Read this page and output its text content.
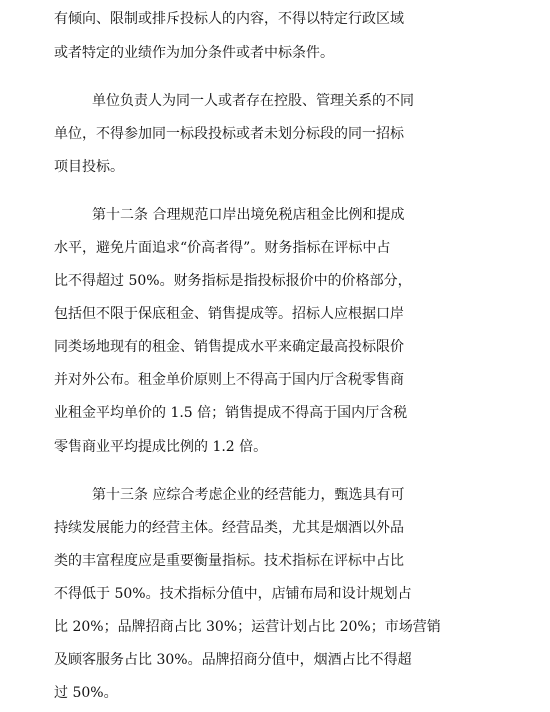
有倾向、限制或排斥投标人的内容，不得以特定行政区域
或者特定的业绩作为加分条件或者中标条件。
单位负责人为同一人或者存在控股、管理关系的不同
单位，不得参加同一标段投标或者未划分标段的同一招标
项目投标。
第十二条 合理规范口岸出境免税店租金比例和提成
水平，避免片面追求“价高者得”。财务指标在评标中占
比不得超过 50%。财务指标是指投标报价中的价格部分，
包括但不限于保底租金、销售提成等。招标人应根据口岸
同类场地现有的租金、销售提成水平来确定最高投标限价
并对外公布。租金单价原则上不得高于国内厅含税零售商
业租金平均单价的 1.5 倍；销售提成不得高于国内厅含税
零售商业平均提成比例的 1.2 倍。
第十三条 应综合考虑企业的经营能力，甄选具有可
持续发展能力的经营主体。经营品类，尤其是烟酒以外品
类的丰富程度应是重要衡量指标。技术指标在评标中占比
不得低于 50%。技术指标分值中，店铺布局和设计规划占
比 20%；品牌招商占比 30%；运营计划占比 20%；市场营销
及顾客服务占比 30%。品牌招商分值中，烟酒占比不得超
过 50%。
